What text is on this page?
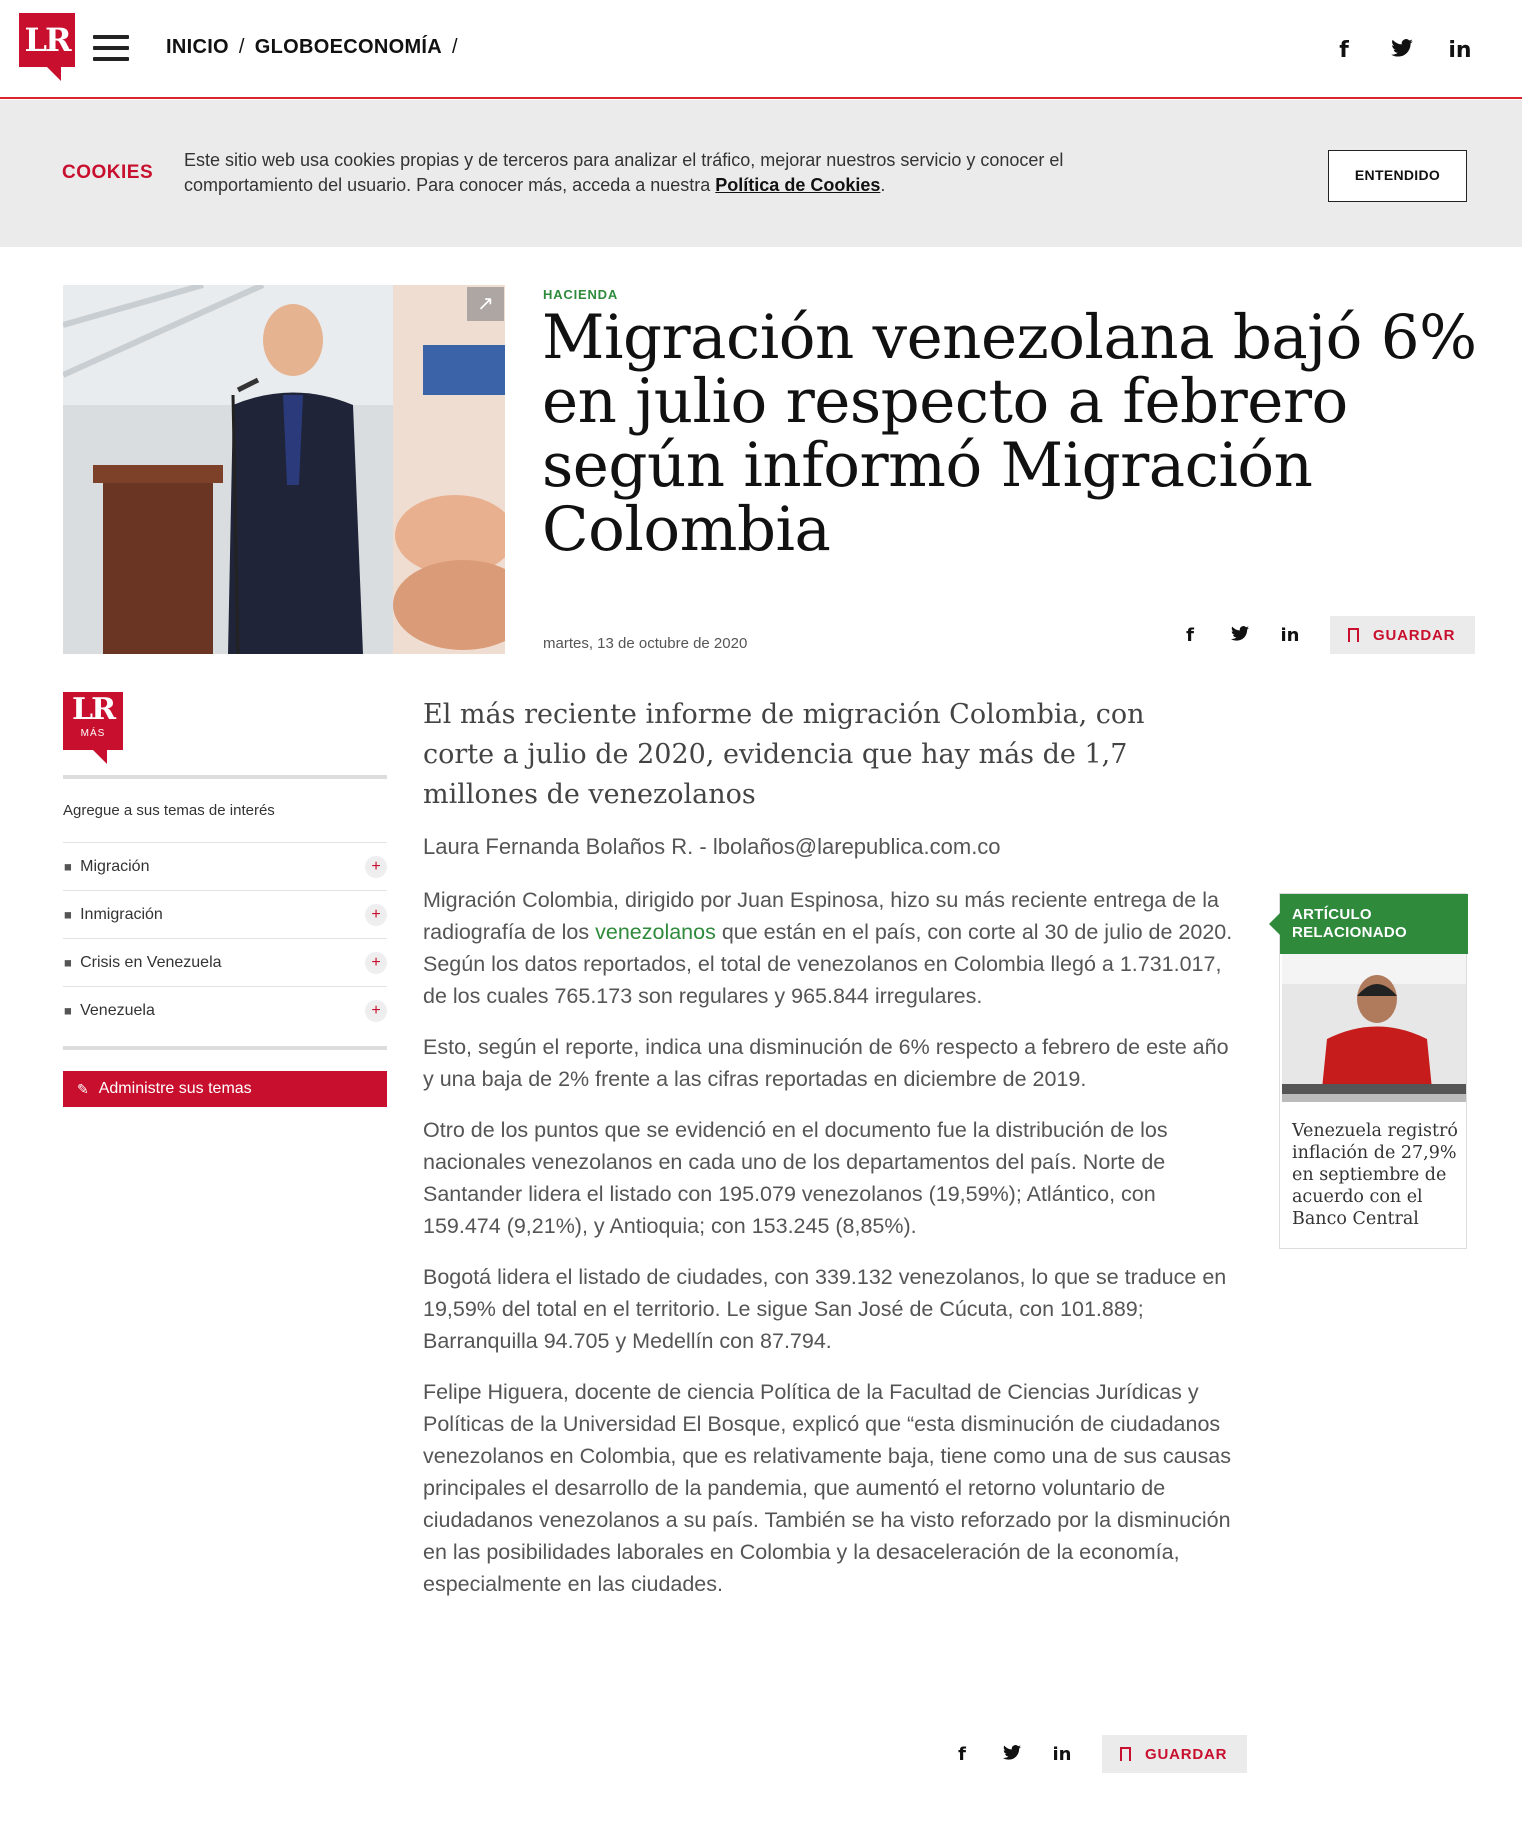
LR	INICIO / GLOBOECONOMÍA /	f	in
COOKIES
Este sitio web usa cookies propias y de terceros para analizar el tráfico, mejorar nuestros servicio y conocer el comportamiento del usuario. Para conocer más, acceda a nuestra Política de Cookies.	ENTENDIDO
↗	HACIENDA
Migración venezolana bajó 6% en julio respecto a febrero según informó Migración Colombia
martes, 13 de octubre de 2020	f	in	GUARDAR
LR
MÁS
Agregue a sus temas de interés
⬥ Migración	+
⬥ Inmigración	+
⬥ Crisis en Venezuela	+
⬥ Venezuela	+
✎ Administre sus temas
El más reciente informe de migración Colombia, con corte a julio de 2020, evidencia que hay más de 1,7 millones de venezolanos
Laura Fernanda Bolaños R. - lbolaños@larepublica.com.co

Migración Colombia, dirigido por Juan Espinosa, hizo su más reciente entrega de la radiografía de los venezolanos que están en el país, con corte al 30 de julio de 2020. Según los datos reportados, el total de venezolanos en Colombia llegó a 1.731.017, de los cuales 765.173 son regulares y 965.844 irregulares.

Esto, según el reporte, indica una disminución de 6% respecto a febrero de este año y una baja de 2% frente a las cifras reportadas en diciembre de 2019.

Otro de los puntos que se evidenció en el documento fue la distribución de los nacionales venezolanos en cada uno de los departamentos del país. Norte de Santander lidera el listado con 195.079 venezolanos (19,59%); Atlántico, con 159.474 (9,21%), y Antioquia; con 153.245 (8,85%).

Bogotá lidera el listado de ciudades, con 339.132 venezolanos, lo que se traduce en 19,59% del total en el territorio. Le sigue San José de Cúcuta, con 101.889; Barranquilla 94.705 y Medellín con 87.794.

Felipe Higuera, docente de ciencia Política de la Facultad de Ciencias Jurídicas y Políticas de la Universidad El Bosque, explicó que “esta disminución de ciudadanos venezolanos en Colombia, que es relativamente baja, tiene como una de sus causas principales el desarrollo de la pandemia, que aumentó el retorno voluntario de ciudadanos venezolanos a su país. También se ha visto reforzado por la disminución en las posibilidades laborales en Colombia y la desaceleración de la economía, especialmente en las ciudades.

f	in	GUARDAR
ARTÍCULO RELACIONADO
Venezuela registró inflación de 27,9% en septiembre de acuerdo con el Banco Central
